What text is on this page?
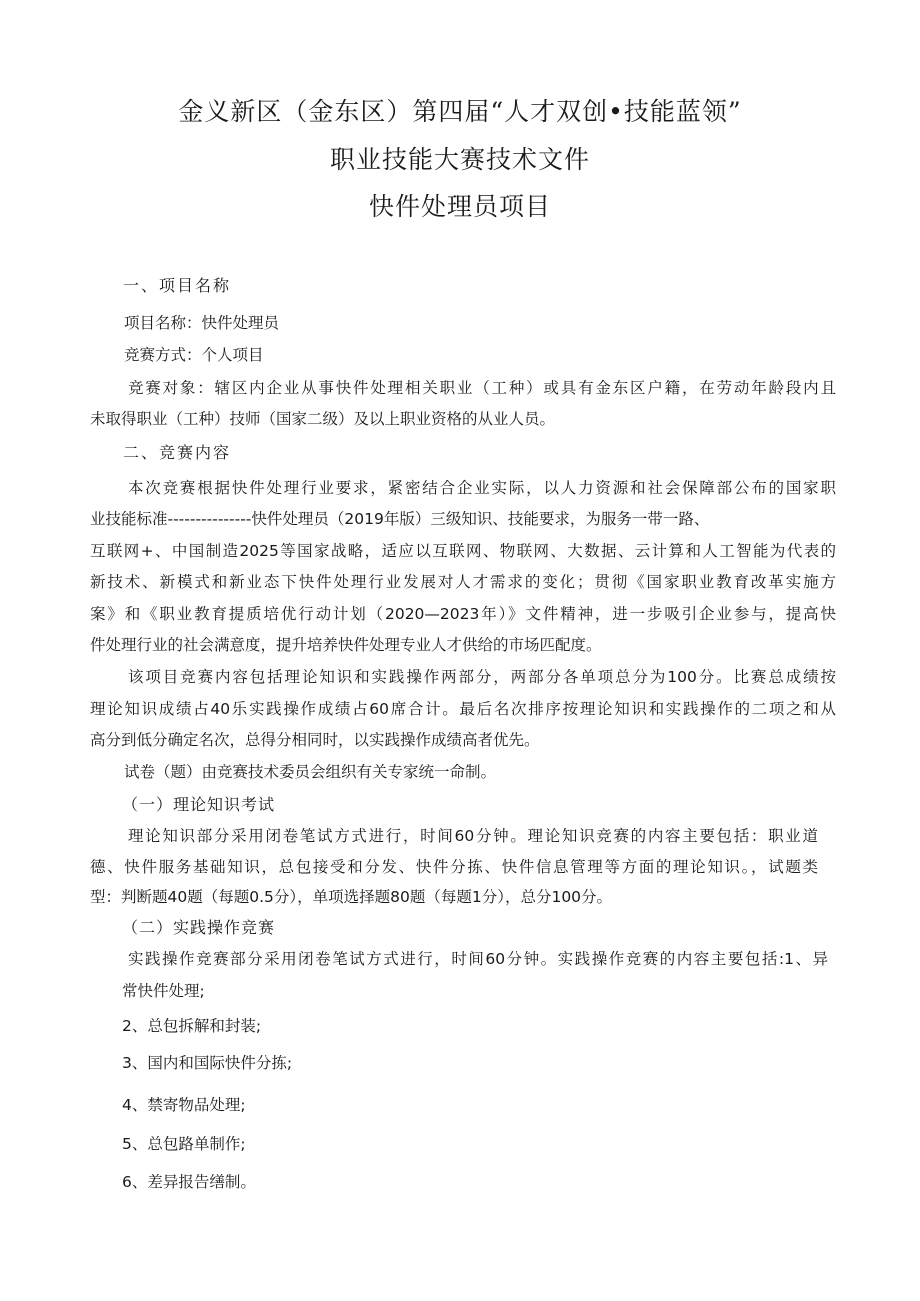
金义新区（金东区）第四届“人才双创•技能蓝领”
职业技能大赛技术文件
快件处理员项目
一、项目名称
项目名称：快件处理员
竞赛方式：个人项目
竞赛对象：辖区内企业从事快件处理相关职业（工种）或具有金东区户籍，在劳动年龄段内且
未取得职业（工种）技师（国家二级）及以上职业资格的从业人员。
二、竞赛内容
本次竞赛根据快件处理行业要求，紧密结合企业实际，以人力资源和社会保障部公布的国家职
业技能标准---------------快件处理员（2019年版）三级知识、技能要求，为服务一带一路、
互联网+、中国制造2025等国家战略，适应以互联网、物联网、大数据、云计算和人工智能为代表的
新技术、新模式和新业态下快件处理行业发展对人才需求的变化；贯彻《国家职业教育改革实施方
案》和《职业教育提质培优行动计划（2020—2023年）》文件精神，进一步吸引企业参与，提高快
件处理行业的社会满意度，提升培养快件处理专业人才供给的市场匹配度。
该项目竞赛内容包括理论知识和实践操作两部分，两部分各单项总分为100分。比赛总成绩按
理论知识成绩占40乐实践操作成绩占60席合计。最后名次排序按理论知识和实践操作的二项之和从
高分到低分确定名次，总得分相同时，以实践操作成绩高者优先。
试卷（题）由竞赛技术委员会组织有关专家统一命制。
（一）理论知识考试
理论知识部分采用闭卷笔试方式进行，时间60分钟。理论知识竞赛的内容主要包括：职业道
德、快件服务基础知识，总包接受和分发、快件分拣、快件信息管理等方面的理论知识。，试题类
型：判断题40题（每题0.5分），单项选择题80题（每题1分），总分100分。
（二）实践操作竞赛
实践操作竞赛部分采用闭卷笔试方式进行，时间60分钟。实践操作竞赛的内容主要包括:1、异
常快件处理;
2、总包拆解和封装;
3、国内和国际快件分拣;
4、禁寄物品处理;
5、总包路单制作;
6、差异报告缮制。
